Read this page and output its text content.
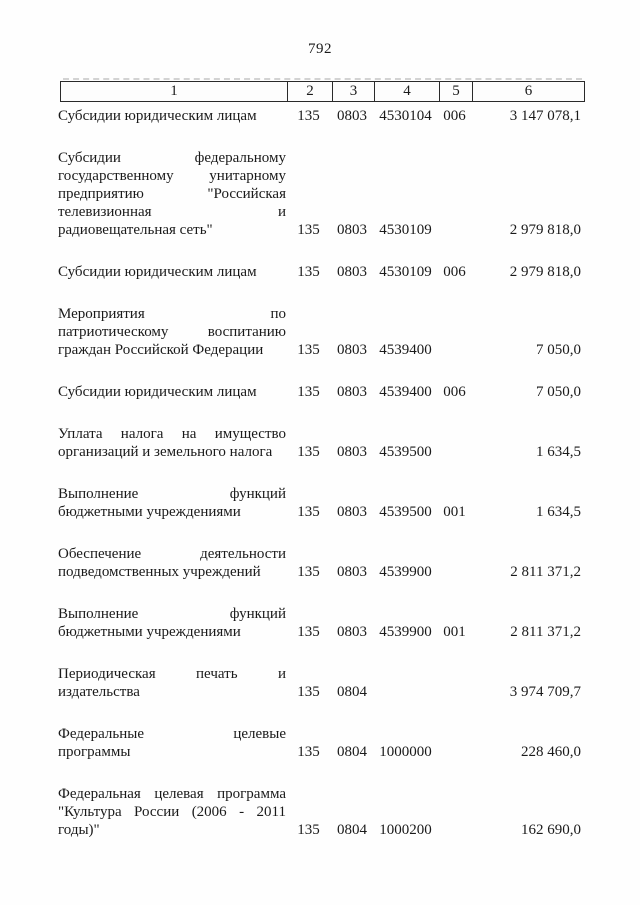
792
1	2	3	4	5	6
Субсидии юридическим лицам	135	0803 4530104 006	3 147 078,1
Субсидии федеральному
государственному унитарному
предприятию "Российская
телевизионная и
радиовещательная сеть"	135	0803 4530109	2 979 818,0
Субсидии юридическим лицам	135	0803 4530109 006	2 979 818,0
Мероприятия по
патриотическому воспитанию
граждан Российской Федерации	135	0803 4539400	7 050,0
Субсидии юридическим лицам	135	0803 4539400 006	7 050,0
Уплата налога на имущество
организаций и земельного налога	135	0803 4539500	1 634,5
Выполнение функций
бюджетными учреждениями	135	0803 4539500 001	1 634,5
Обеспечение деятельности
подведомственных учреждений	135	0803 4539900	2 811 371,2
Выполнение функций
бюджетными учреждениями	135	0803 4539900 001	2 811 371,2
Периодическая печать и
издательства	135	0804	3 974 709,7
Федеральные целевые
программы	135	0804 1000000	228 460,0
Федеральная целевая программа
"Культура России (2006 - 2011
годы)"	135	0804 1000200	162 690,0
